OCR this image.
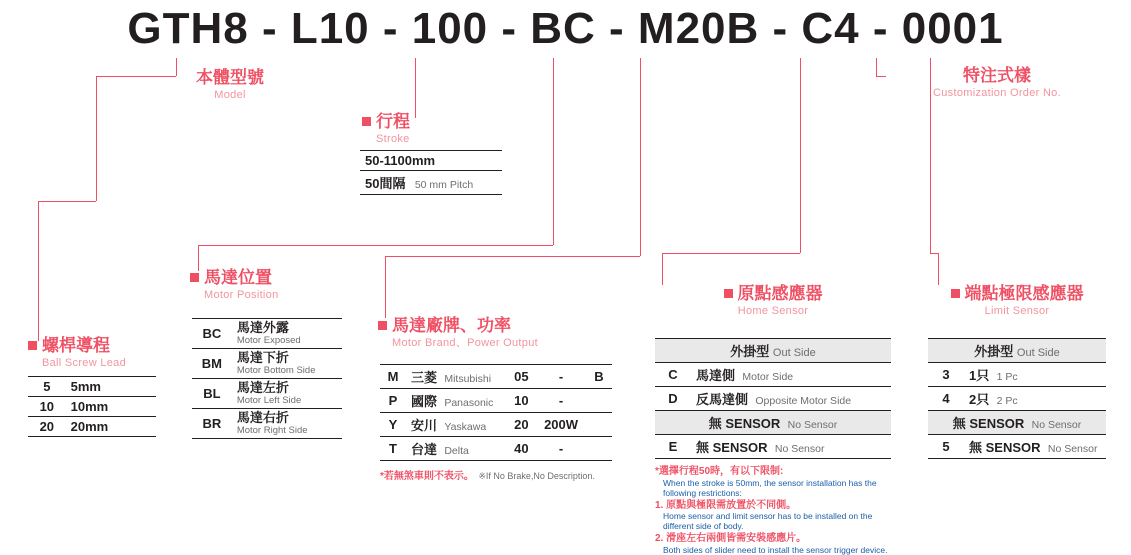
GTH8 - L10 - 100 - BC - M20B - C4 - 0001
本體型號
Model
特注式樣
Customization Order No.
行程
Stroke
50-1100mm
50間隔 50 mm Pitch
螺桿導程
Ball Screw Lead
5	5mm
10	10mm
20	20mm
馬達位置
Motor Position
BC	馬達外露
Motor Exposed

BM	馬達下折
Motor Bottom Side

BL	馬達左折
Motor Left Side

BR	馬達右折
Motor Right Side
馬達廠牌、功率
Motor Brand、Power Output
M	三菱 Mitsubishi	05	-	B
P	國際 Panasonic	10	-	
Y	安川 Yaskawa	20	200W	
T	台達 Delta	40	-	
*若無煞車則不表示。 ※If No Brake,No Description.
原點感應器
Home Sensor
外掛型 Out Side	
C	馬達側 Motor Side
D	反馬達側 Opposite Motor Side
無 SENSOR No Sensor	
E	無 SENSOR No Sensor
*選擇行程50時，有以下限制:
When the stroke is 50mm, the sensor installation has the following restrictions:
1. 原點與極限需放置於不同側。
Home sensor and limit sensor has to be installed on the different side of body.
2. 滑座左右兩側皆需安裝感應片。
Both sides of slider need to install the sensor trigger device.
端點極限感應器
Limit Sensor
外掛型 Out Side	
3	1只 1 Pc
4	2只 2 Pc
無 SENSOR No Sensor	
5	無 SENSOR No Sensor
